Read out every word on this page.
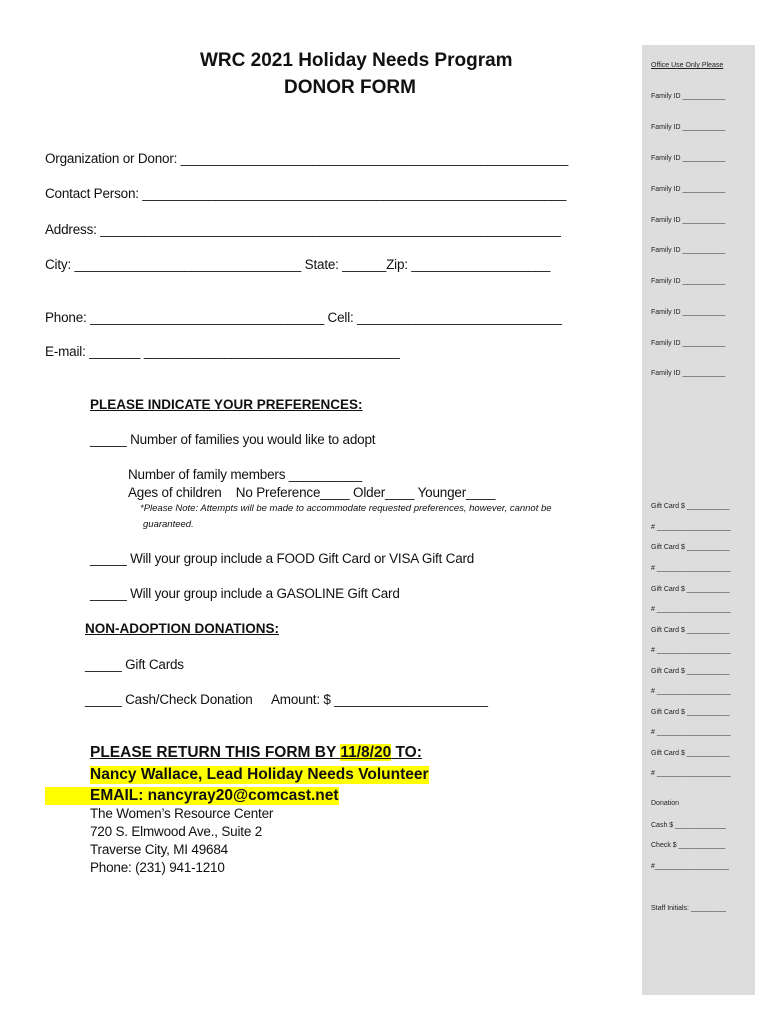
WRC 2021 Holiday Needs Program
DONOR FORM
Organization or Donor: _____________________________________________________
Contact Person: __________________________________________________________
Address: _______________________________________________________________
City: _______________________________ State: ______Zip: ___________________
Phone: ________________________________ Cell: ____________________________
E-mail: _______ ___________________________________
PLEASE INDICATE YOUR PREFERENCES:
_____ Number of families you would like to adopt
Number of family members __________
Ages of children    No Preference____ Older____ Younger____
*Please Note: Attempts will be made to accommodate requested preferences, however, cannot be
guaranteed.
_____ Will your group include a FOOD Gift Card or VISA Gift Card
_____ Will your group include a GASOLINE Gift Card
NON-ADOPTION DONATIONS:
_____ Gift Cards
_____ Cash/Check Donation Amount: $ _____________________
PLEASE RETURN THIS FORM BY 11/8/20 TO:
Nancy Wallace, Lead Holiday Needs Volunteer
EMAIL: nancyray20@comcast.net
The Women’s Resource Center
720 S. Elmwood Ave., Suite 2
Traverse City, MI 49684
Phone: (231) 941-1210
Office Use Only Please
Family ID ___________
Family ID ___________
Family ID ___________
Family ID ___________
Family ID ___________
Family ID ___________
Family ID ___________
Family ID ___________
Family ID ___________
Family ID ___________
Gift Card $ ___________
# ___________________
Gift Card $ ___________
# ___________________
Gift Card $ ___________
# ___________________
Gift Card $ ___________
# ___________________
Gift Card $ ___________
# ___________________
Gift Card $ ___________
# ___________________
Gift Card $ ___________
# ___________________
Donation
Cash $ _____________
Check $ ____________
#___________________
Staff Initials: _________
